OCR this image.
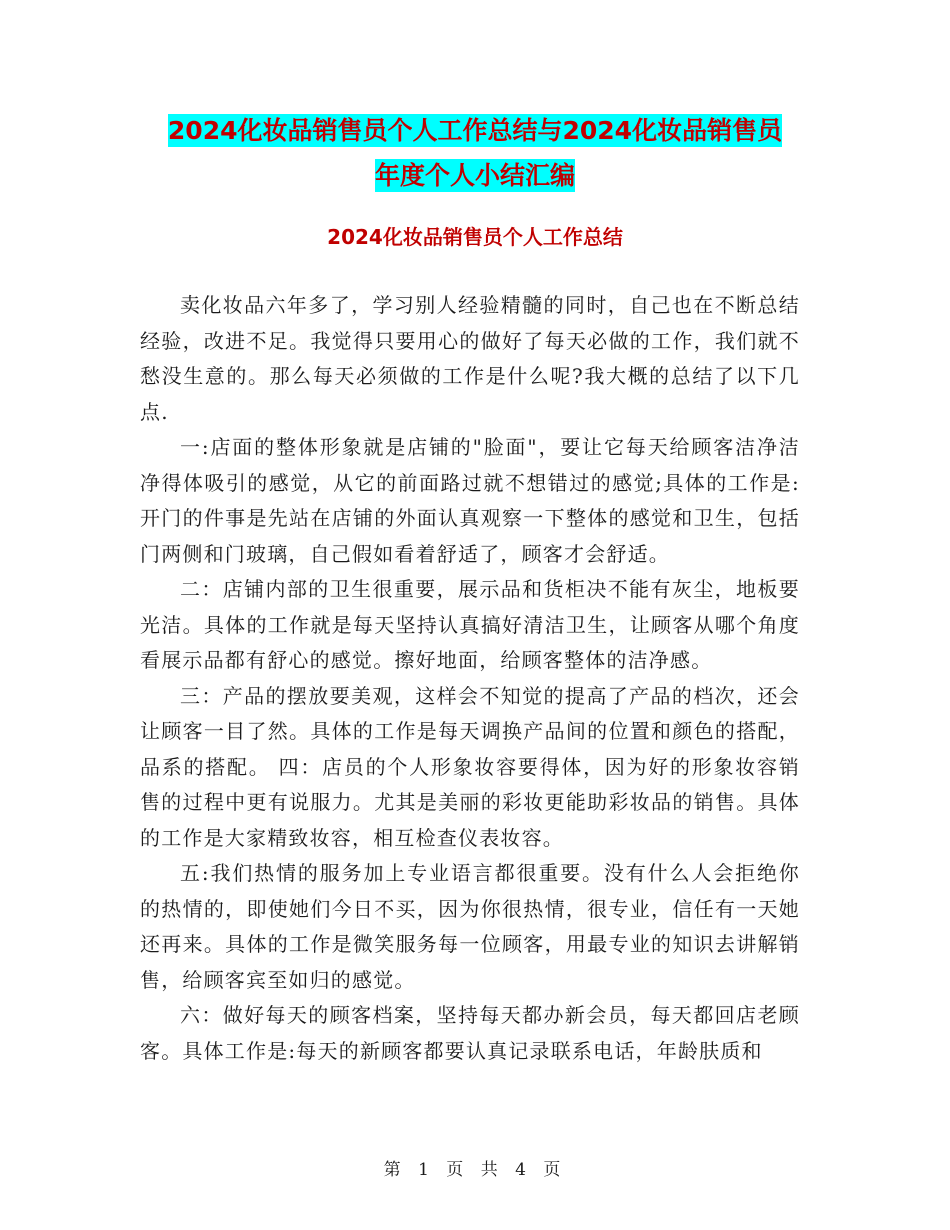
2024化妆品销售员个人工作总结与2024化妆品销售员
年度个人小结汇编
2024化妆品销售员个人工作总结

卖化妆品六年多了，学习别人经验精髓的同时，自己也在不断总结经验，改进不足。我觉得只要用心的做好了每天必做的工作，我们就不愁没生意的。那么每天必须做的工作是什么呢?我大概的总结了以下几点.

一:店面的整体形象就是店铺的"脸面"，要让它每天给顾客洁净洁净得体吸引的感觉，从它的前面路过就不想错过的感觉;具体的工作是:开门的件事是先站在店铺的外面认真观察一下整体的感觉和卫生，包括门两侧和门玻璃，自己假如看着舒适了，顾客才会舒适。

二：店铺内部的卫生很重要，展示品和货柜决不能有灰尘，地板要光洁。具体的工作就是每天坚持认真搞好清洁卫生，让顾客从哪个角度看展示品都有舒心的感觉。擦好地面，给顾客整体的洁净感。

三：产品的摆放要美观，这样会不知觉的提高了产品的档次，还会让顾客一目了然。具体的工作是每天调换产品间的位置和颜色的搭配，品系的搭配。 四：店员的个人形象妆容要得体，因为好的形象妆容销售的过程中更有说服力。尤其是美丽的彩妆更能助彩妆品的销售。具体的工作是大家精致妆容，相互检查仪表妆容。

五:我们热情的服务加上专业语言都很重要。没有什么人会拒绝你的热情的，即使她们今日不买，因为你很热情，很专业，信任有一天她还再来。具体的工作是微笑服务每一位顾客，用最专业的知识去讲解销售，给顾客宾至如归的感觉。

六：做好每天的顾客档案，坚持每天都办新会员，每天都回店老顾客。具体工作是:每天的新顾客都要认真记录联系电话，年龄肤质和

第 1 页 共 4 页
